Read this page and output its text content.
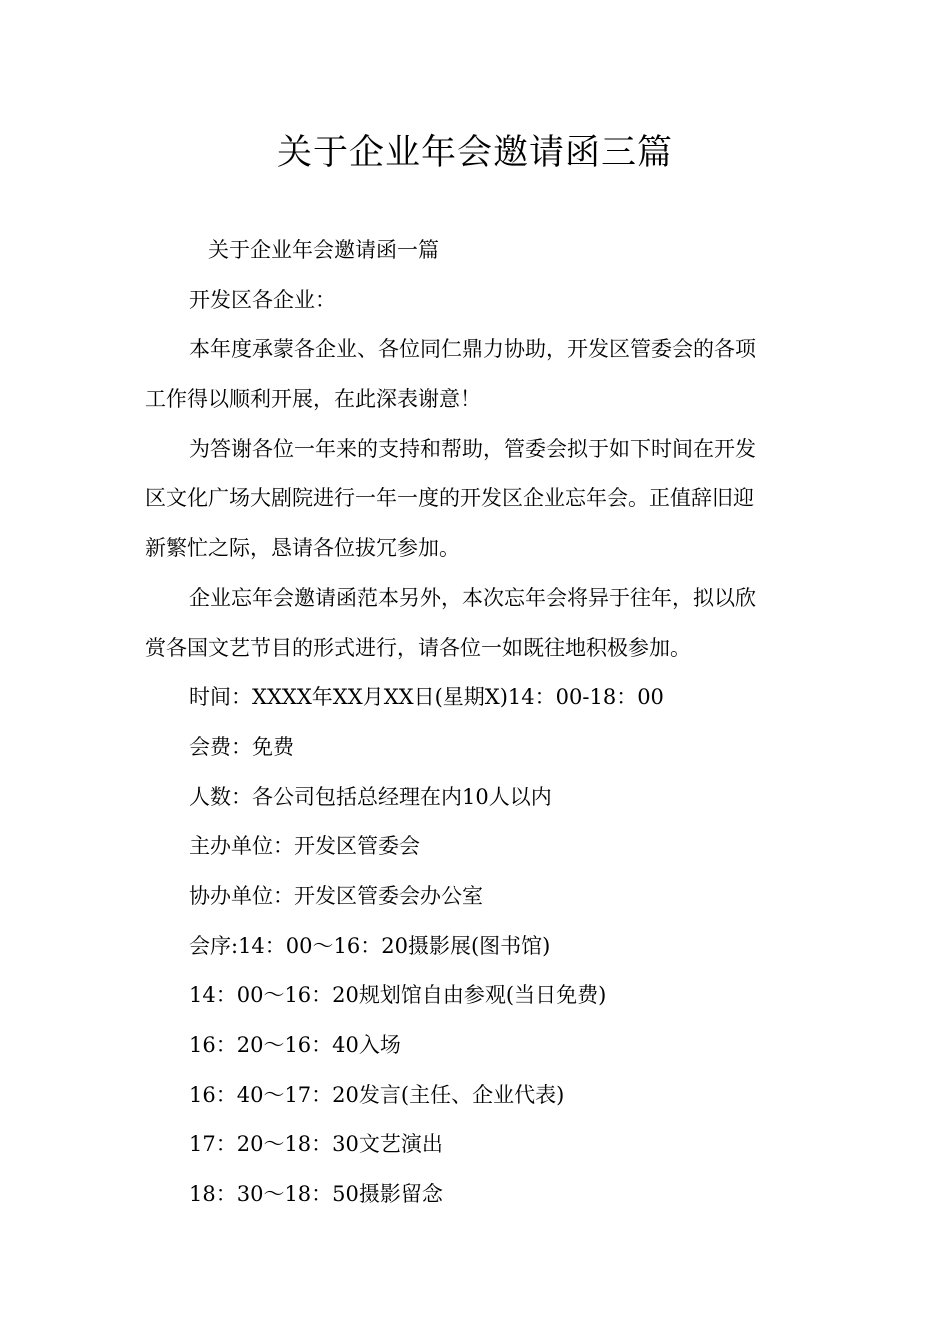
关于企业年会邀请函三篇
关于企业年会邀请函一篇
开发区各企业：
本年度承蒙各企业、各位同仁鼎力协助，开发区管委会的各项
工作得以顺利开展，在此深表谢意！
为答谢各位一年来的支持和帮助，管委会拟于如下时间在开发
区文化广场大剧院进行一年一度的开发区企业忘年会。正值辞旧迎
新繁忙之际，恳请各位拔冗参加。
企业忘年会邀请函范本另外，本次忘年会将异于往年，拟以欣
赏各国文艺节目的形式进行，请各位一如既往地积极参加。
时间：XXXX年XX月XX日(星期X)14：00-18：00
会费：免费
人数：各公司包括总经理在内10人以内
主办单位：开发区管委会
协办单位：开发区管委会办公室
会序:14：00～16：20摄影展(图书馆)
14：00～16：20规划馆自由参观(当日免费)
16：20～16：40入场
16：40～17：20发言(主任、企业代表)
17：20～18：30文艺演出
18：30～18：50摄影留念
